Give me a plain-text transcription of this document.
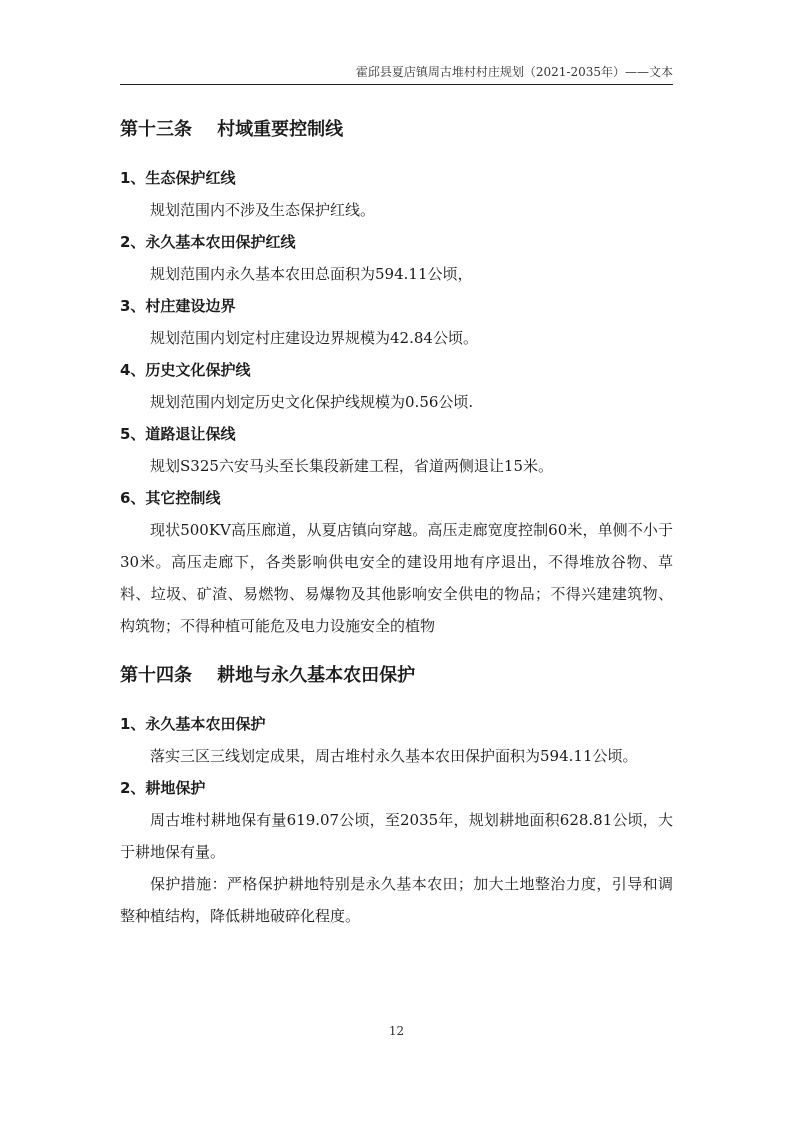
霍邱县夏店镇周古堆村村庄规划（2021-2035年）——文本
第十三条    村域重要控制线
1、生态保护红线

规划范围内不涉及生态保护红线。

2、永久基本农田保护红线

规划范围内永久基本农田总面积为594.11公顷，

3、村庄建设边界

规划范围内划定村庄建设边界规模为42.84公顷。

4、历史文化保护线

规划范围内划定历史文化保护线规模为0.56公顷.

5、道路退让保线

规划S325六安马头至长集段新建工程，省道两侧退让15米。

6、其它控制线

现状500KV高压廊道，从夏店镇向穿越。高压走廊宽度控制60米，单侧不小于30米。高压走廊下，各类影响供电安全的建设用地有序退出，不得堆放谷物、草料、垃圾、矿渣、易燃物、易爆物及其他影响安全供电的物品；不得兴建建筑物、构筑物；不得种植可能危及电力设施安全的植物

第十四条    耕地与永久基本农田保护
1、永久基本农田保护

落实三区三线划定成果，周古堆村永久基本农田保护面积为594.11公顷。

2、耕地保护

周古堆村耕地保有量619.07公顷，至2035年，规划耕地面积628.81公顷，大于耕地保有量。

保护措施：严格保护耕地特别是永久基本农田；加大土地整治力度，引导和调整种植结构，降低耕地破碎化程度。

12
